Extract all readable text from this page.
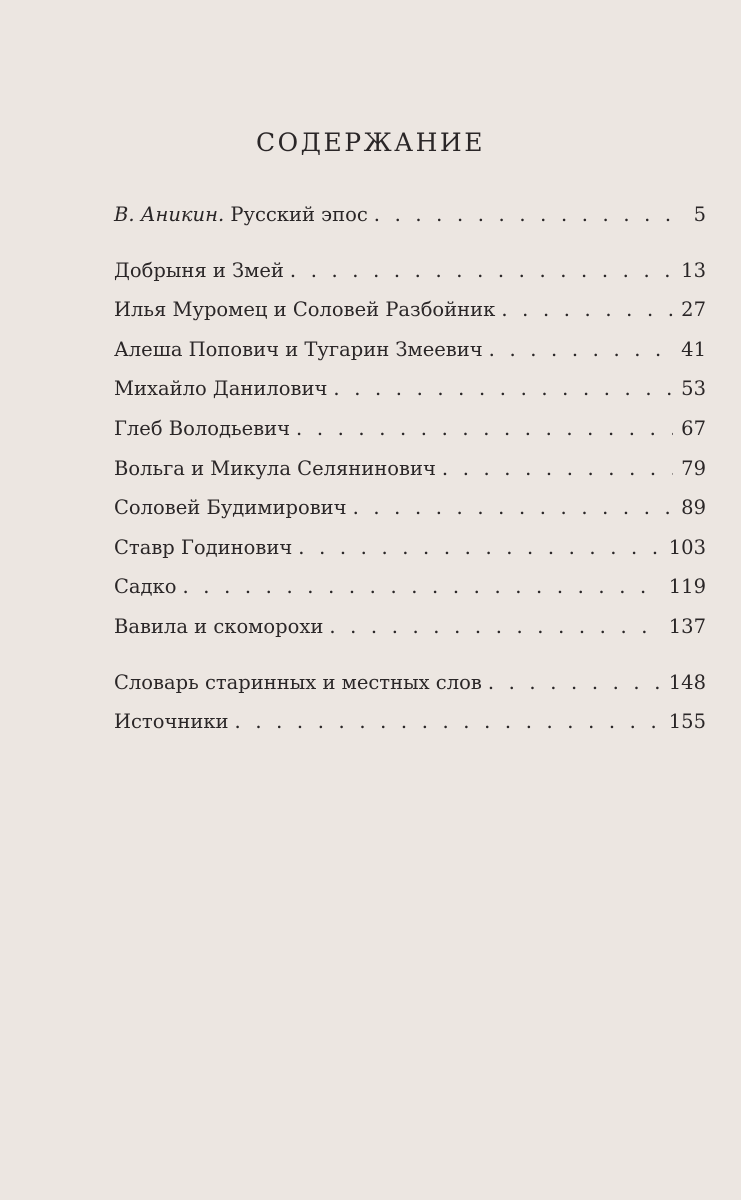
СОДЕРЖАНИЕ
В. Аникин. Русский эпос . . .	5
Добрыня и Змей . . .	13
Илья Муромец и Соловей Разбойник . . .	27
Алеша Попович и Тугарин Змеевич . . .	41
Михайло Данилович . . .	53
Глеб Володьевич . . .	67
Вольга и Микула Селянинович . . .	79
Соловей Будимирович . . .	89
Ставр Годинович . . .	103
Садко . . .	119
Вавила и скоморохи . . .	137
Словарь старинных и местных слов . . .	148
Источники . . .	155
